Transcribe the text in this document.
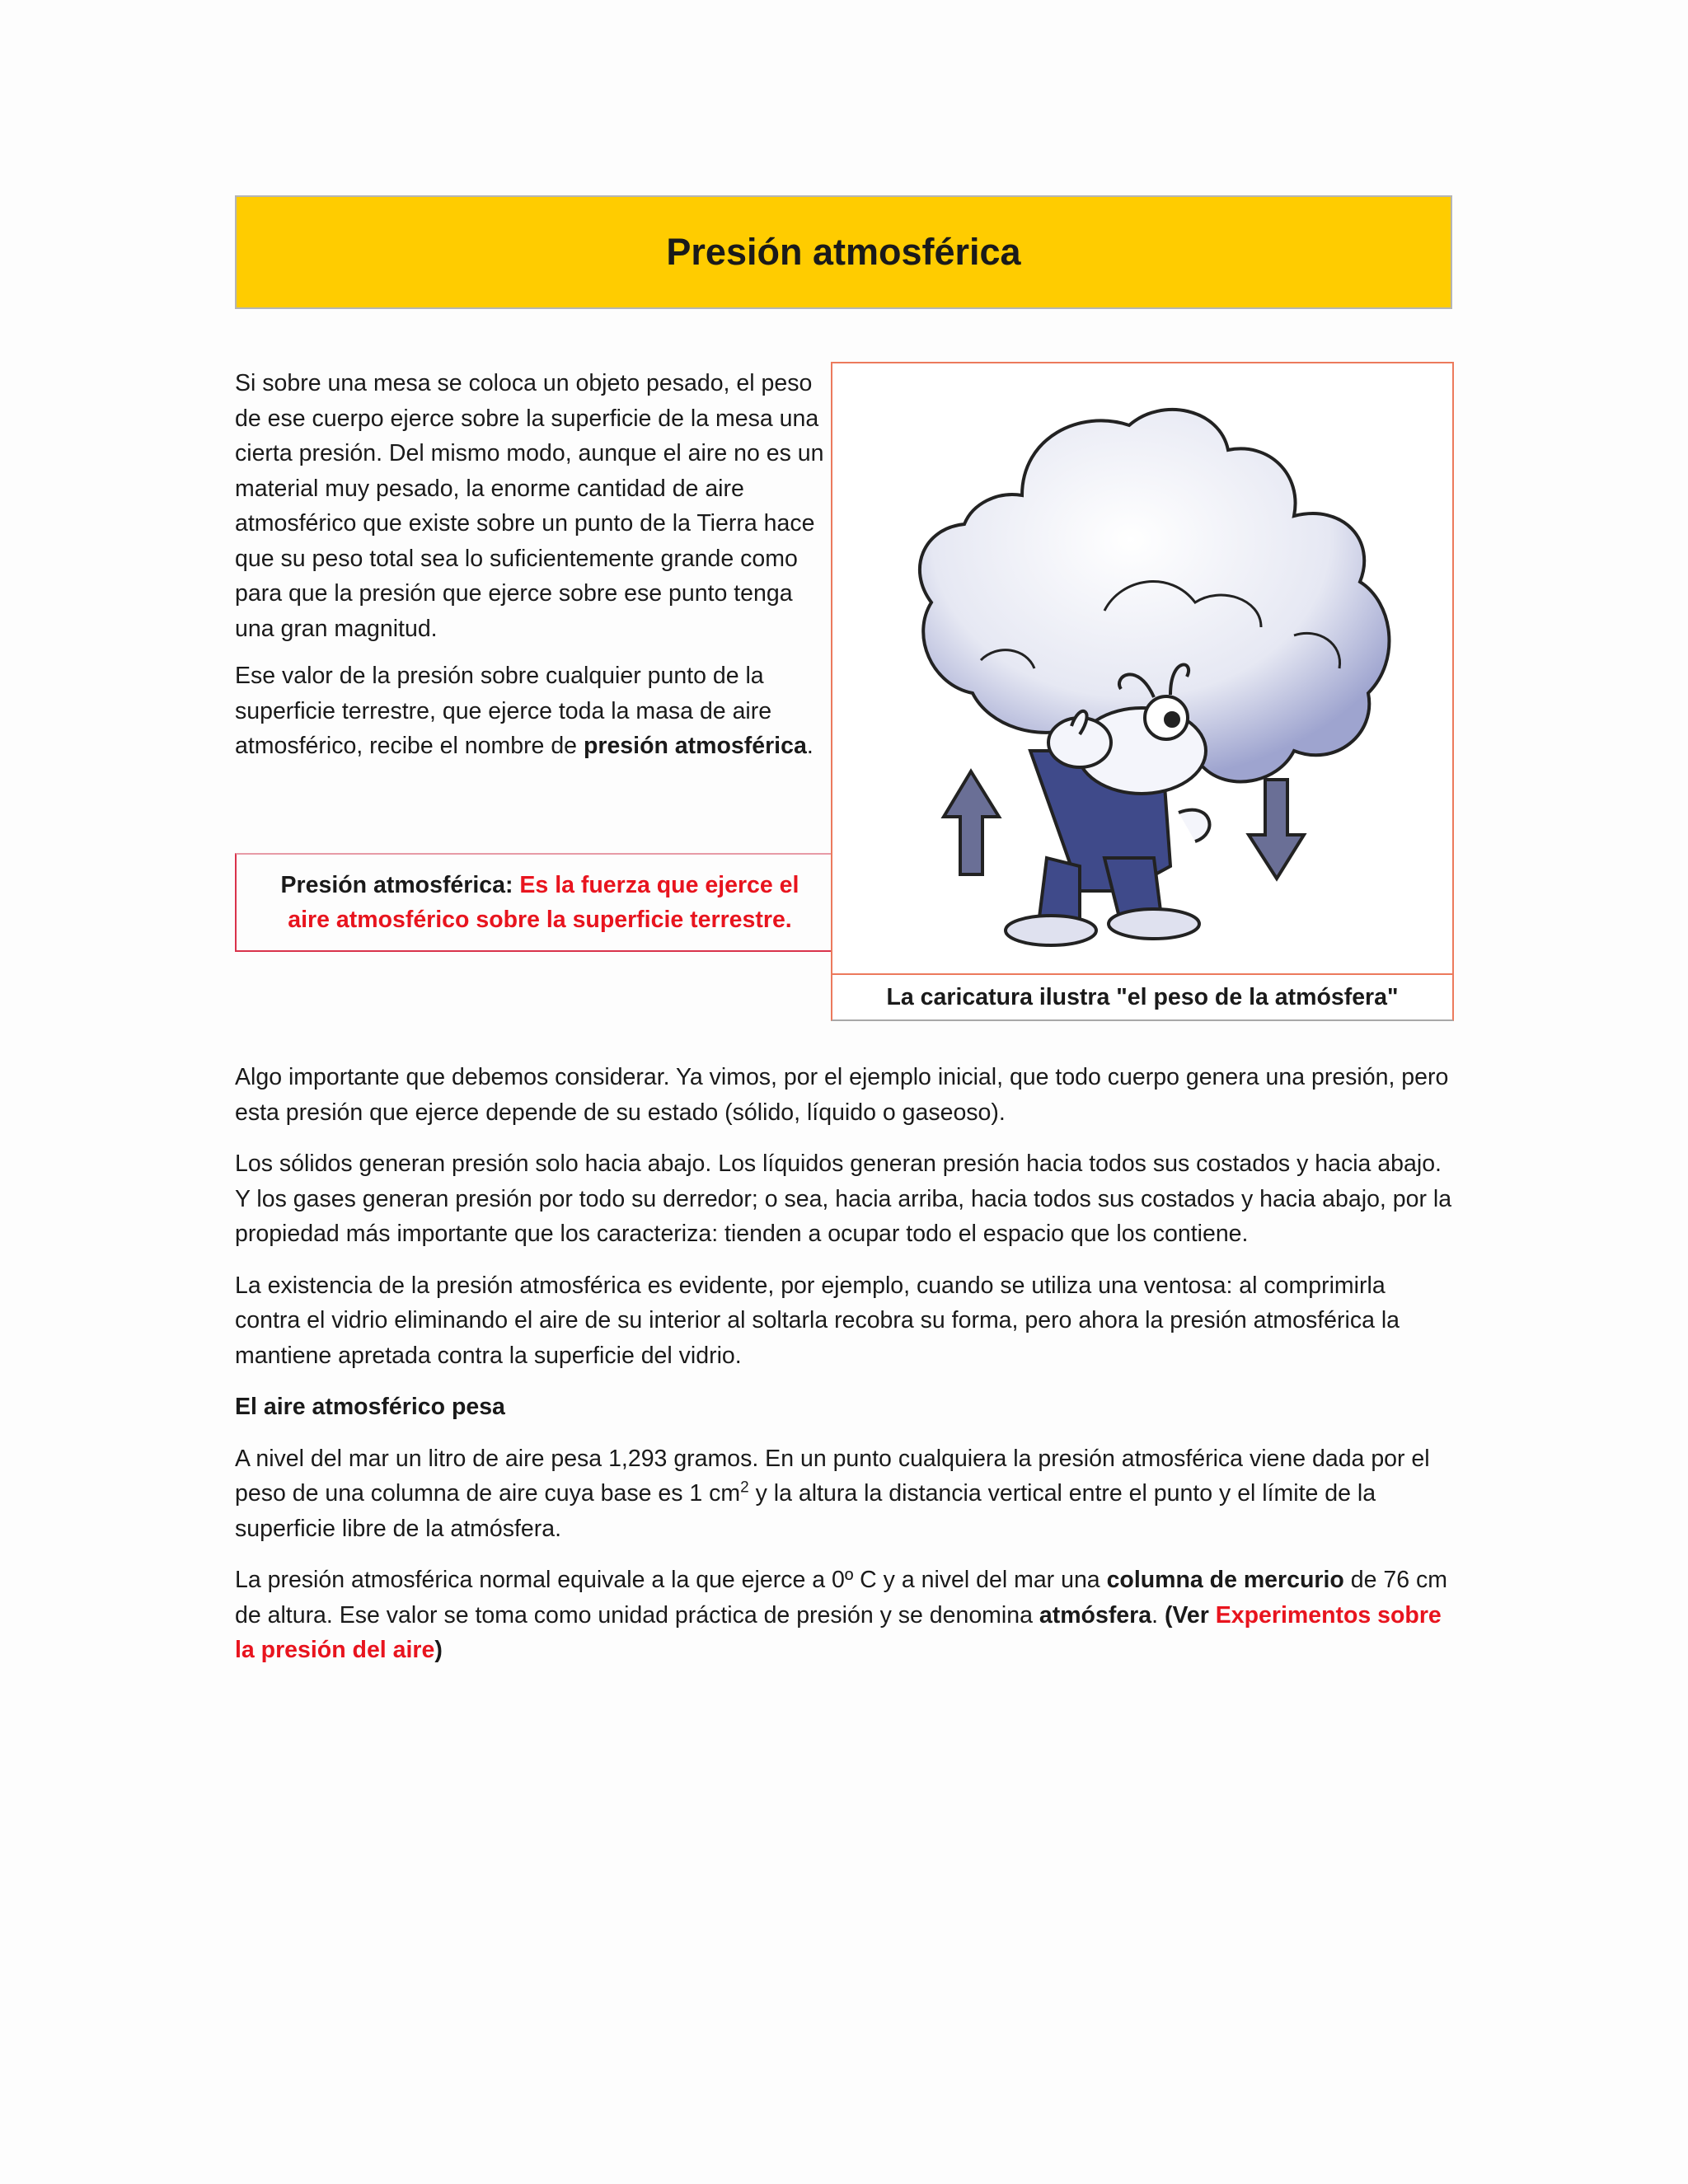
Presión atmosférica

Si sobre una mesa se coloca un objeto pesado, el peso de ese cuerpo ejerce sobre la superficie de la mesa una cierta presión. Del mismo modo, aunque el aire no es un material muy pesado, la enorme cantidad de aire atmosférico que existe sobre un punto de la Tierra hace que su peso total sea lo suficientemente grande como para que la presión que ejerce sobre ese punto tenga una gran magnitud.

Ese valor de la presión sobre cualquier punto de la superficie terrestre, que ejerce toda la masa de aire atmosférico, recibe el nombre de presión atmosférica.

Presión atmosférica: Es la fuerza que ejerce el aire atmosférico sobre la superficie terrestre.
La caricatura ilustra "el peso de la atmósfera"

Algo importante que debemos considerar. Ya vimos, por el ejemplo inicial, que todo cuerpo genera una presión, pero esta presión que ejerce depende de su estado (sólido, líquido o gaseoso).

Los sólidos generan presión solo hacia abajo. Los líquidos generan presión hacia todos sus costados y hacia abajo. Y los gases generan presión por todo su derredor; o sea, hacia arriba, hacia todos sus costados y hacia abajo, por la propiedad más importante que los caracteriza: tienden a ocupar todo el espacio que los contiene.

La existencia de la presión atmosférica es evidente, por ejemplo, cuando se utiliza una ventosa: al comprimirla contra el vidrio eliminando el aire de su interior al soltarla recobra su forma, pero ahora la presión atmosférica la mantiene apretada contra la superficie del vidrio.

El aire atmosférico pesa

A nivel del mar un litro de aire pesa 1,293 gramos. En un punto cualquiera la presión atmosférica viene dada por el peso de una columna de aire cuya base es 1 $cm^2$ y la altura la distancia vertical entre el punto y el límite de la superficie libre de la atmósfera.

La presión atmosférica normal equivale a la que ejerce a 0º C y a nivel del mar una columna de mercurio de 76 cm de altura. Ese valor se toma como unidad práctica de presión y se denomina atmósfera. (Ver Experimentos sobre la presión del aire)
